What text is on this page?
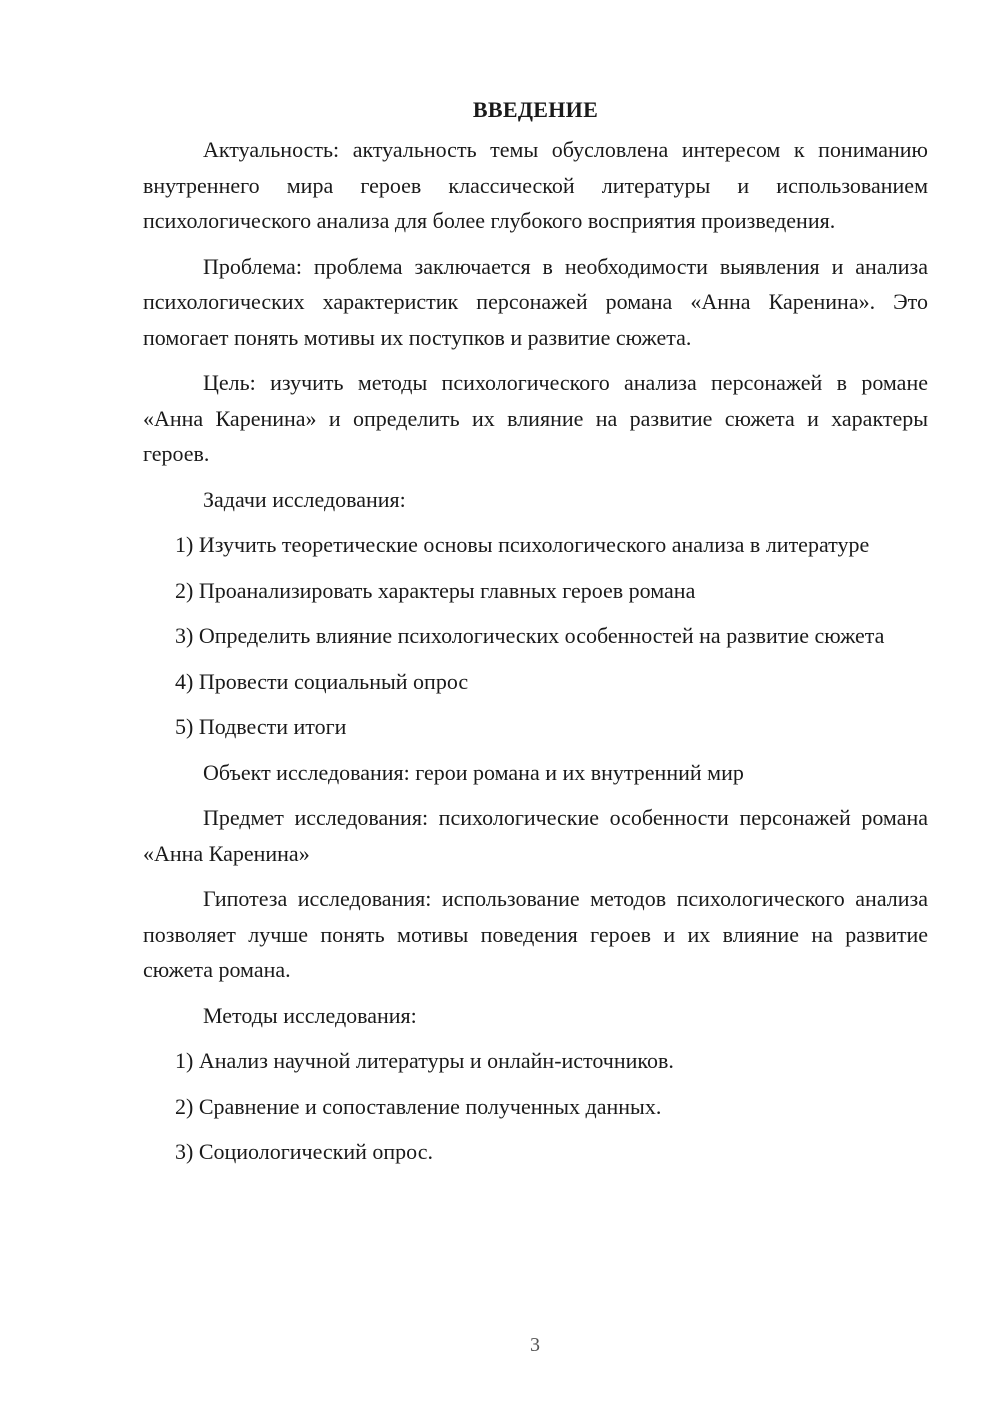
ВВЕДЕНИЕ

Актуальность: актуальность темы обусловлена интересом к пониманию внутреннего мира героев классической литературы и использованием психологического анализа для более глубокого восприятия произведения.

Проблема: проблема заключается в необходимости выявления и анализа психологических характеристик персонажей романа «Анна Каренина». Это помогает понять мотивы их поступков и развитие сюжета.

Цель: изучить методы психологического анализа персонажей в романе «Анна Каренина» и определить их влияние на развитие сюжета и характеры героев.

Задачи исследования:

1) Изучить теоретические основы психологического анализа в литературе

2) Проанализировать характеры главных героев романа

3) Определить влияние психологических особенностей на развитие сюжета

4) Провести социальный опрос

5) Подвести итоги

Объект исследования: герои романа и их внутренний мир

Предмет исследования: психологические особенности персонажей романа «Анна Каренина»

Гипотеза исследования: использование методов психологического анализа позволяет лучше понять мотивы поведения героев и их влияние на развитие сюжета романа.

Методы исследования:

1) Анализ научной литературы и онлайн-источников.

2) Сравнение и сопоставление полученных данных.

3) Социологический опрос.

3
